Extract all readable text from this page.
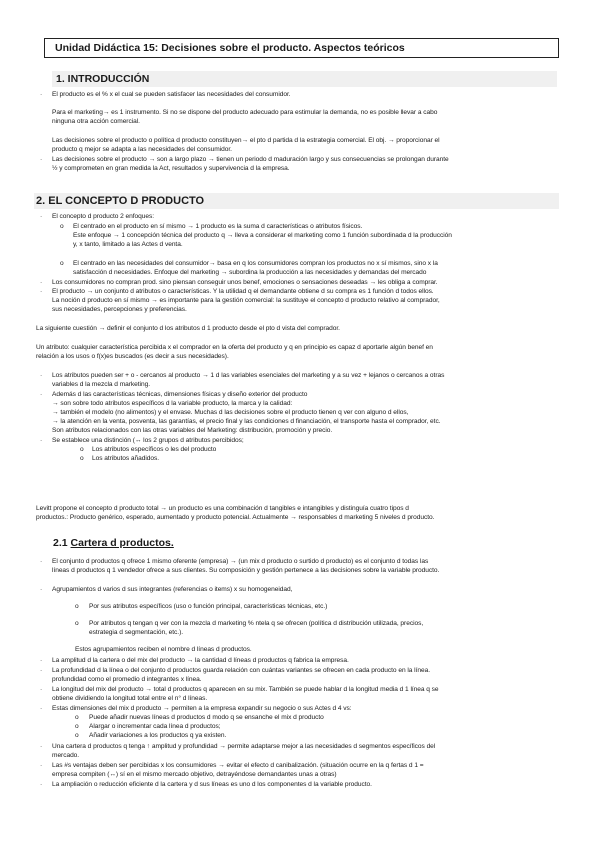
Unidad Didáctica 15: Decisiones sobre el producto. Aspectos teóricos
1. INTRODUCCIÓN
· El producto es el % x el cual se pueden satisfacer las necesidades del consumidor.
Para el marketing→ es 1 instrumento. Si no se dispone del producto adecuado para estimular la demanda, no es posible llevar a cabo
ninguna otra acción comercial.
Las decisiones sobre el producto o política d producto constituyen→ el pto d partida d la estrategia comercial. El obj. → proporcionar el
producto q mejor se adapta a las necesidades del consumidor.
· Las decisiones sobre el producto → son a largo plazo → tienen un periodo d maduración largo y sus consecuencias se prolongan durante
½ y comprometen en gran medida la Act, resultados y supervivencia d la empresa.
2. EL CONCEPTO D PRODUCTO
· El concepto d producto 2 enfoques:
o El centrado en el producto en sí mismo → 1 producto es la suma d características o atributos físicos.
Este enfoque → 1 concepción técnica del producto q → lleva a considerar el marketing como 1 función subordinada d la producción
y, x tanto, limitado a las Actes d venta.
o El centrado en las necesidades del consumidor→ basa en q los consumidores compran los productos no x sí mismos, sino x la
satisfacción d necesidades. Enfoque del marketing → subordina la producción a las necesidades y demandas del mercado
· Los consumidores no compran prod. sino piensan conseguir unos benef, emociones o sensaciones deseadas → les obliga a comprar.
· El producto → un conjunto d atributos o características. Y la utilidad q el demandante obtiene d su compra es 1 función d todos ellos.
La noción d producto en sí mismo → es importante para la gestión comercial: la sustituye el concepto d producto relativo al comprador,
sus necesidades, percepciones y preferencias.
La siguiente cuestión → definir el conjunto d los atributos d 1 producto desde el pto d vista del comprador.
Un atributo: cualquier característica percibida x el comprador en la oferta del producto y q en principio es capaz d aportarle algún benef en
relación a los usos o f(x)es buscados (es decir a sus necesidades).
· Los atributos pueden ser + o - cercanos al producto → 1 d las variables esenciales del marketing y a su vez + lejanos o cercanos a otras
variables d la mezcla d marketing.
· Además d las características técnicas, dimensiones físicas y diseño exterior del producto
→ son sobre todo atributos específicos d la variable producto, la marca y la calidad:
→ también el modelo (no alimentos) y el envase. Muchas d las decisiones sobre el producto tienen q ver con alguno d ellos,
→ la atención en la venta, posventa, las garantías, el precio final y las condiciones d financiación, el transporte hasta el comprador, etc.
Son atributos relacionados con las otras variables del Marketing: distribución, promoción y precio.
· Se establece una distinción (↔ los 2 grupos d atributos percibidos;
o Los atributos específicos o les del producto
o Los atributos añadidos.
Levitt propone el concepto d producto total → un producto es una combinación d tangibles e intangibles y distinguía cuatro tipos d
productos.: Producto genérico, esperado, aumentado y producto potencial. Actualmente → responsables d marketing 5 niveles d producto.
2.1 Cartera d productos.
· El conjunto d productos q ofrece 1 mismo oferente (empresa) → (un mix d producto o surtido d producto) es el conjunto d todas las
líneas d productos q 1 vendedor ofrece a sus clientes. Su composición y gestión pertenece a las decisiones sobre la variable producto.
· Agrupamientos d varios d sus integrantes (referencias o items) x su homogeneidad,
o Por sus atributos específicos (uso o función principal, características técnicas, etc.)
o Por atributos q tengan q ver con la mezcla d marketing % ntela q se ofrecen (política d distribución utilizada, precios,
estrategia d segmentación, etc.).
Estos agrupamientos reciben el nombre d líneas d productos.
· La amplitud d la cartera o del mix del producto → la cantidad d líneas d productos q fabrica la empresa.
· La profundidad d la línea o del conjunto d productos guarda relación con cuántas variantes se ofrecen en cada producto en la línea.
profundidad como el promedio d integrantes x línea.
· La longitud del mix del producto → total d productos q aparecen en su mix. También se puede hablar d la longitud media d 1 línea q se
obtiene dividiendo la longitud total entre el n° d líneas.
· Estas dimensiones del mix d producto → permiten a la empresa expandir su negocio o sus Actes d 4 vs:
o Puede añadir nuevas líneas d productos d modo q se ensanche el mix d producto
o Alargar o incrementar cada línea d productos;
o Añadir variaciones a los productos q ya existen.
· Una cartera d productos q tenga ↑ amplitud y profundidad → permite adaptarse mejor a las necesidades d segmentos específicos del
mercado.
· Las #s ventajas deben ser percibidas x los consumidores → evitar el efecto d canibalización. (situación ocurre en la q fertas d 1 =
empresa compiten (↔) sí en el mismo mercado objetivo, detrayéndose demandantes unas a otras)
· La ampliación o reducción eficiente d la cartera y d sus líneas es uno d los componentes d la variable producto.
